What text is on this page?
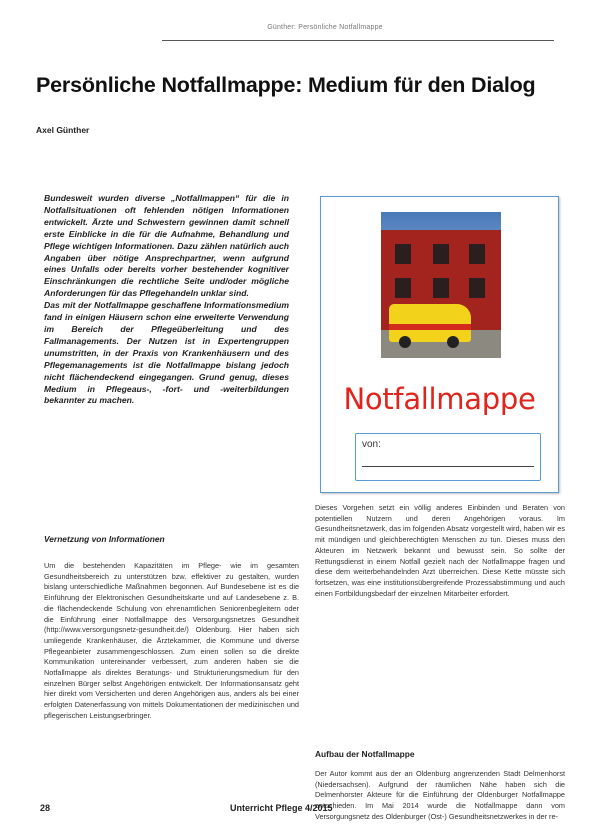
Günther: Persönliche Notfallmappe
Persönliche Notfallmappe: Medium für den Dialog
Axel Günther

Bundesweit wurden diverse „Notfallmappen“ für die in Notfallsituationen oft fehlenden nötigen Informationen entwickelt. Ärzte und Schwestern gewinnen damit schnell erste Einblicke in die für die Aufnahme, Behandlung und Pflege wichtigen Informationen. Dazu zählen natürlich auch Angaben über nötige Ansprechpartner, wenn aufgrund eines Unfalls oder bereits vorher bestehender kognitiver Einschränkungen die rechtliche Seite und/oder mögliche Anforderungen für das Pflegehandeln unklar sind.

Das mit der Notfallmappe geschaffene Informationsmedium fand in einigen Häusern schon eine erweiterte Verwendung im Bereich der Pflegeüberleitung und des Fallmanagements. Der Nutzen ist in Expertengruppen unumstritten, in der Praxis von Krankenhäusern und des Pflegemanagements ist die Notfallmappe bislang jedoch nicht flächendeckend eingegangen. Grund genug, dieses Medium in Pflegeaus-, -fort- und -weiterbildungen bekannter zu machen.	Notfallmappe
von:
Vernetzung von Informationen

Um die bestehenden Kapazitäten im Pflege- wie im gesamten Gesundheitsbereich zu unterstützen bzw. effektiver zu gestalten, wurden bislang unterschiedliche Maßnahmen begonnen. Auf Bundesebene ist es die Einführung der Elektronischen Gesundheitskarte und auf Landesebene z. B. die flächendeckende Schulung von ehrenamtlichen Seniorenbegleitern oder die Einführung einer Notfallmappe des Versorgungsnetzes Gesundheit (http://www.versorgungsnetz-gesundheit.de/) Oldenburg. Hier haben sich umliegende Krankenhäuser, die Ärztekammer, die Kommune und diverse Pflegeanbieter zusammengeschlossen. Zum einen sollen so die direkte Kommunikation untereinander verbessert, zum anderen haben sie die Notfallmappe als direktes Beratungs- und Strukturierungsmedium für den einzelnen Bürger selbst Angehörigen entwickelt. Der Informationsansatz geht hier direkt vom Versicherten und deren Angehörigen aus, anders als bei einer erfolgten Datenerfassung von mittels Dokumentationen der medizinischen und pflegerischen Leistungserbringer.

Dieses Vorgehen setzt ein völlig anderes Einbinden und Beraten von potentiellen Nutzern und deren Angehörigen voraus. Im Gesundheitsnetzwerk, das im folgenden Absatz vorgestellt wird, haben wir es mit mündigen und gleichberechtigten Menschen zu tun. Dieses muss den Akteuren im Netzwerk bekannt und bewusst sein. So sollte der Rettungsdienst in einem Notfall gezielt nach der Notfallmappe fragen und diese dem weiterbehandelnden Arzt überreichen. Diese Kette müsste sich fortsetzen, was eine institutionsübergreifende Prozessabstimmung und auch einen Fortbildungsbedarf der einzelnen Mitarbeiter erfordert.

Aufbau der Notfallmappe

Der Autor kommt aus der an Oldenburg angrenzenden Stadt Delmenhorst (Niedersachsen). Aufgrund der räumlichen Nähe haben sich die Delmenhorster Akteure für die Einführung der Oldenburger Notfallmappe entschieden. Im Mai 2014 wurde die Notfallmappe dann vom Versorgungsnetz des Oldenburger (Ost-) Gesundheitsnetzwerkes in der re-

28	Unterricht Pflege 4/2015
